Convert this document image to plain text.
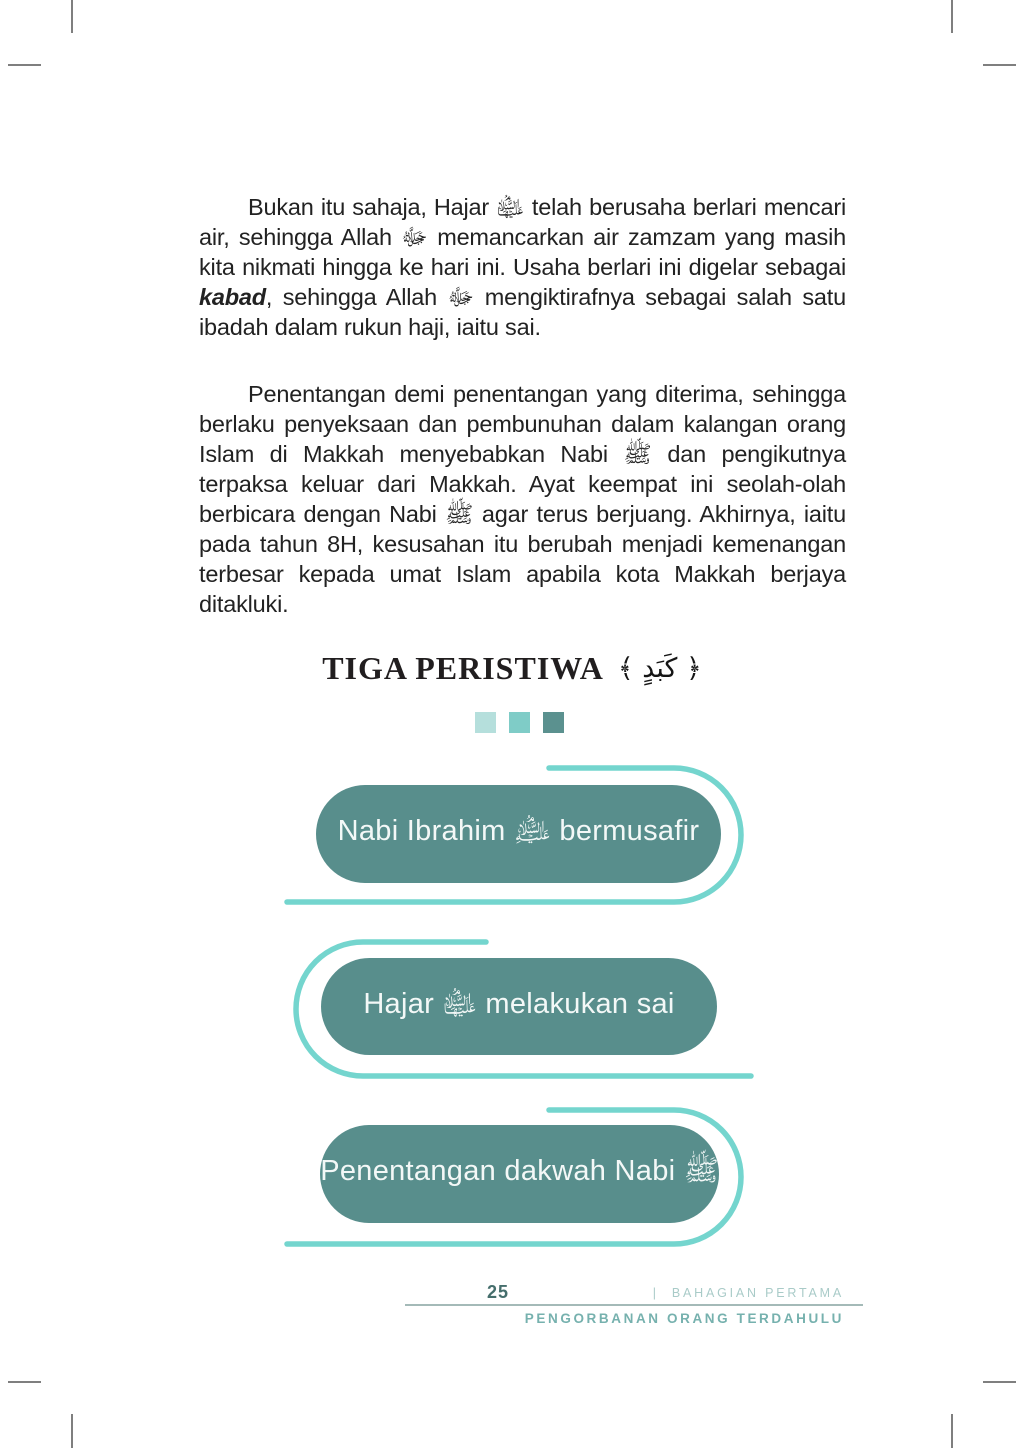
Bukan itu sahaja, Hajar ﵍ telah berusaha berlari mencari air, sehingga Allah ﷻ memancarkan air zamzam yang masih kita nikmati hingga ke hari ini. Usaha berlari ini digelar sebagai kabad, sehingga Allah ﷻ mengiktirafnya sebagai salah satu ibadah dalam rukun haji, iaitu sai.

Penentangan demi penentangan yang diterima, sehingga berlaku penyeksaan dan pembunuhan dalam kalangan orang Islam di Makkah menyebabkan Nabi ﷺ dan pengikutnya terpaksa keluar dari Makkah. Ayat keempat ini seolah-olah berbicara dengan Nabi ﷺ agar terus berjuang. Akhirnya, iaitu pada tahun 8H, kesusahan itu berubah menjadi kemenangan terbesar kepada umat Islam apabila kota Makkah berjaya ditakluki.

TIGA PERISTIWA ﴿ كَبَدٍ ﴾
Nabi Ibrahim ﵇ bermusafir
Hajar ﵍ melakukan sai
Penentangan dakwah Nabi ﷺ
25	| BAHAGIAN PERTAMA
PENGORBANAN ORANG TERDAHULU
